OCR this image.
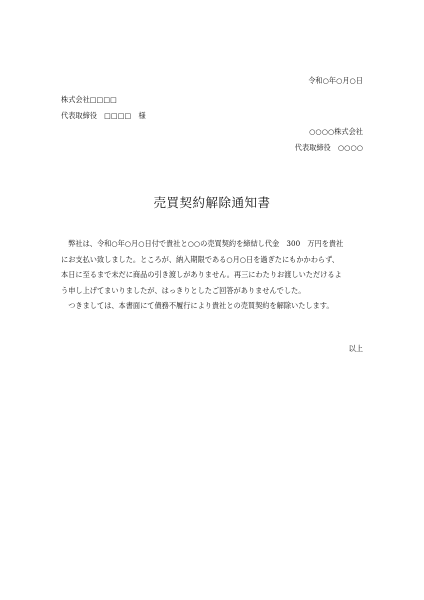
令和○年○月○日
株式会社□□□□
代表取締役　□□□□　様
○○○○株式会社
代表取締役　○○○○
売買契約解除通知書

弊社は、令和○年○月○日付で貴社と○○の売買契約を締結し代金　300　万円を貴社

にお支払い致しました。ところが、納入期限である○月○日を過ぎたにもかかわらず、

本日に至るまで未だに商品の引き渡しがありません。再三にわたりお渡しいただけるよ

う申し上げてまいりましたが、はっきりとしたご回答がありませんでした。

つきましては、本書面にて債務不履行により貴社との売買契約を解除いたします。

以上
